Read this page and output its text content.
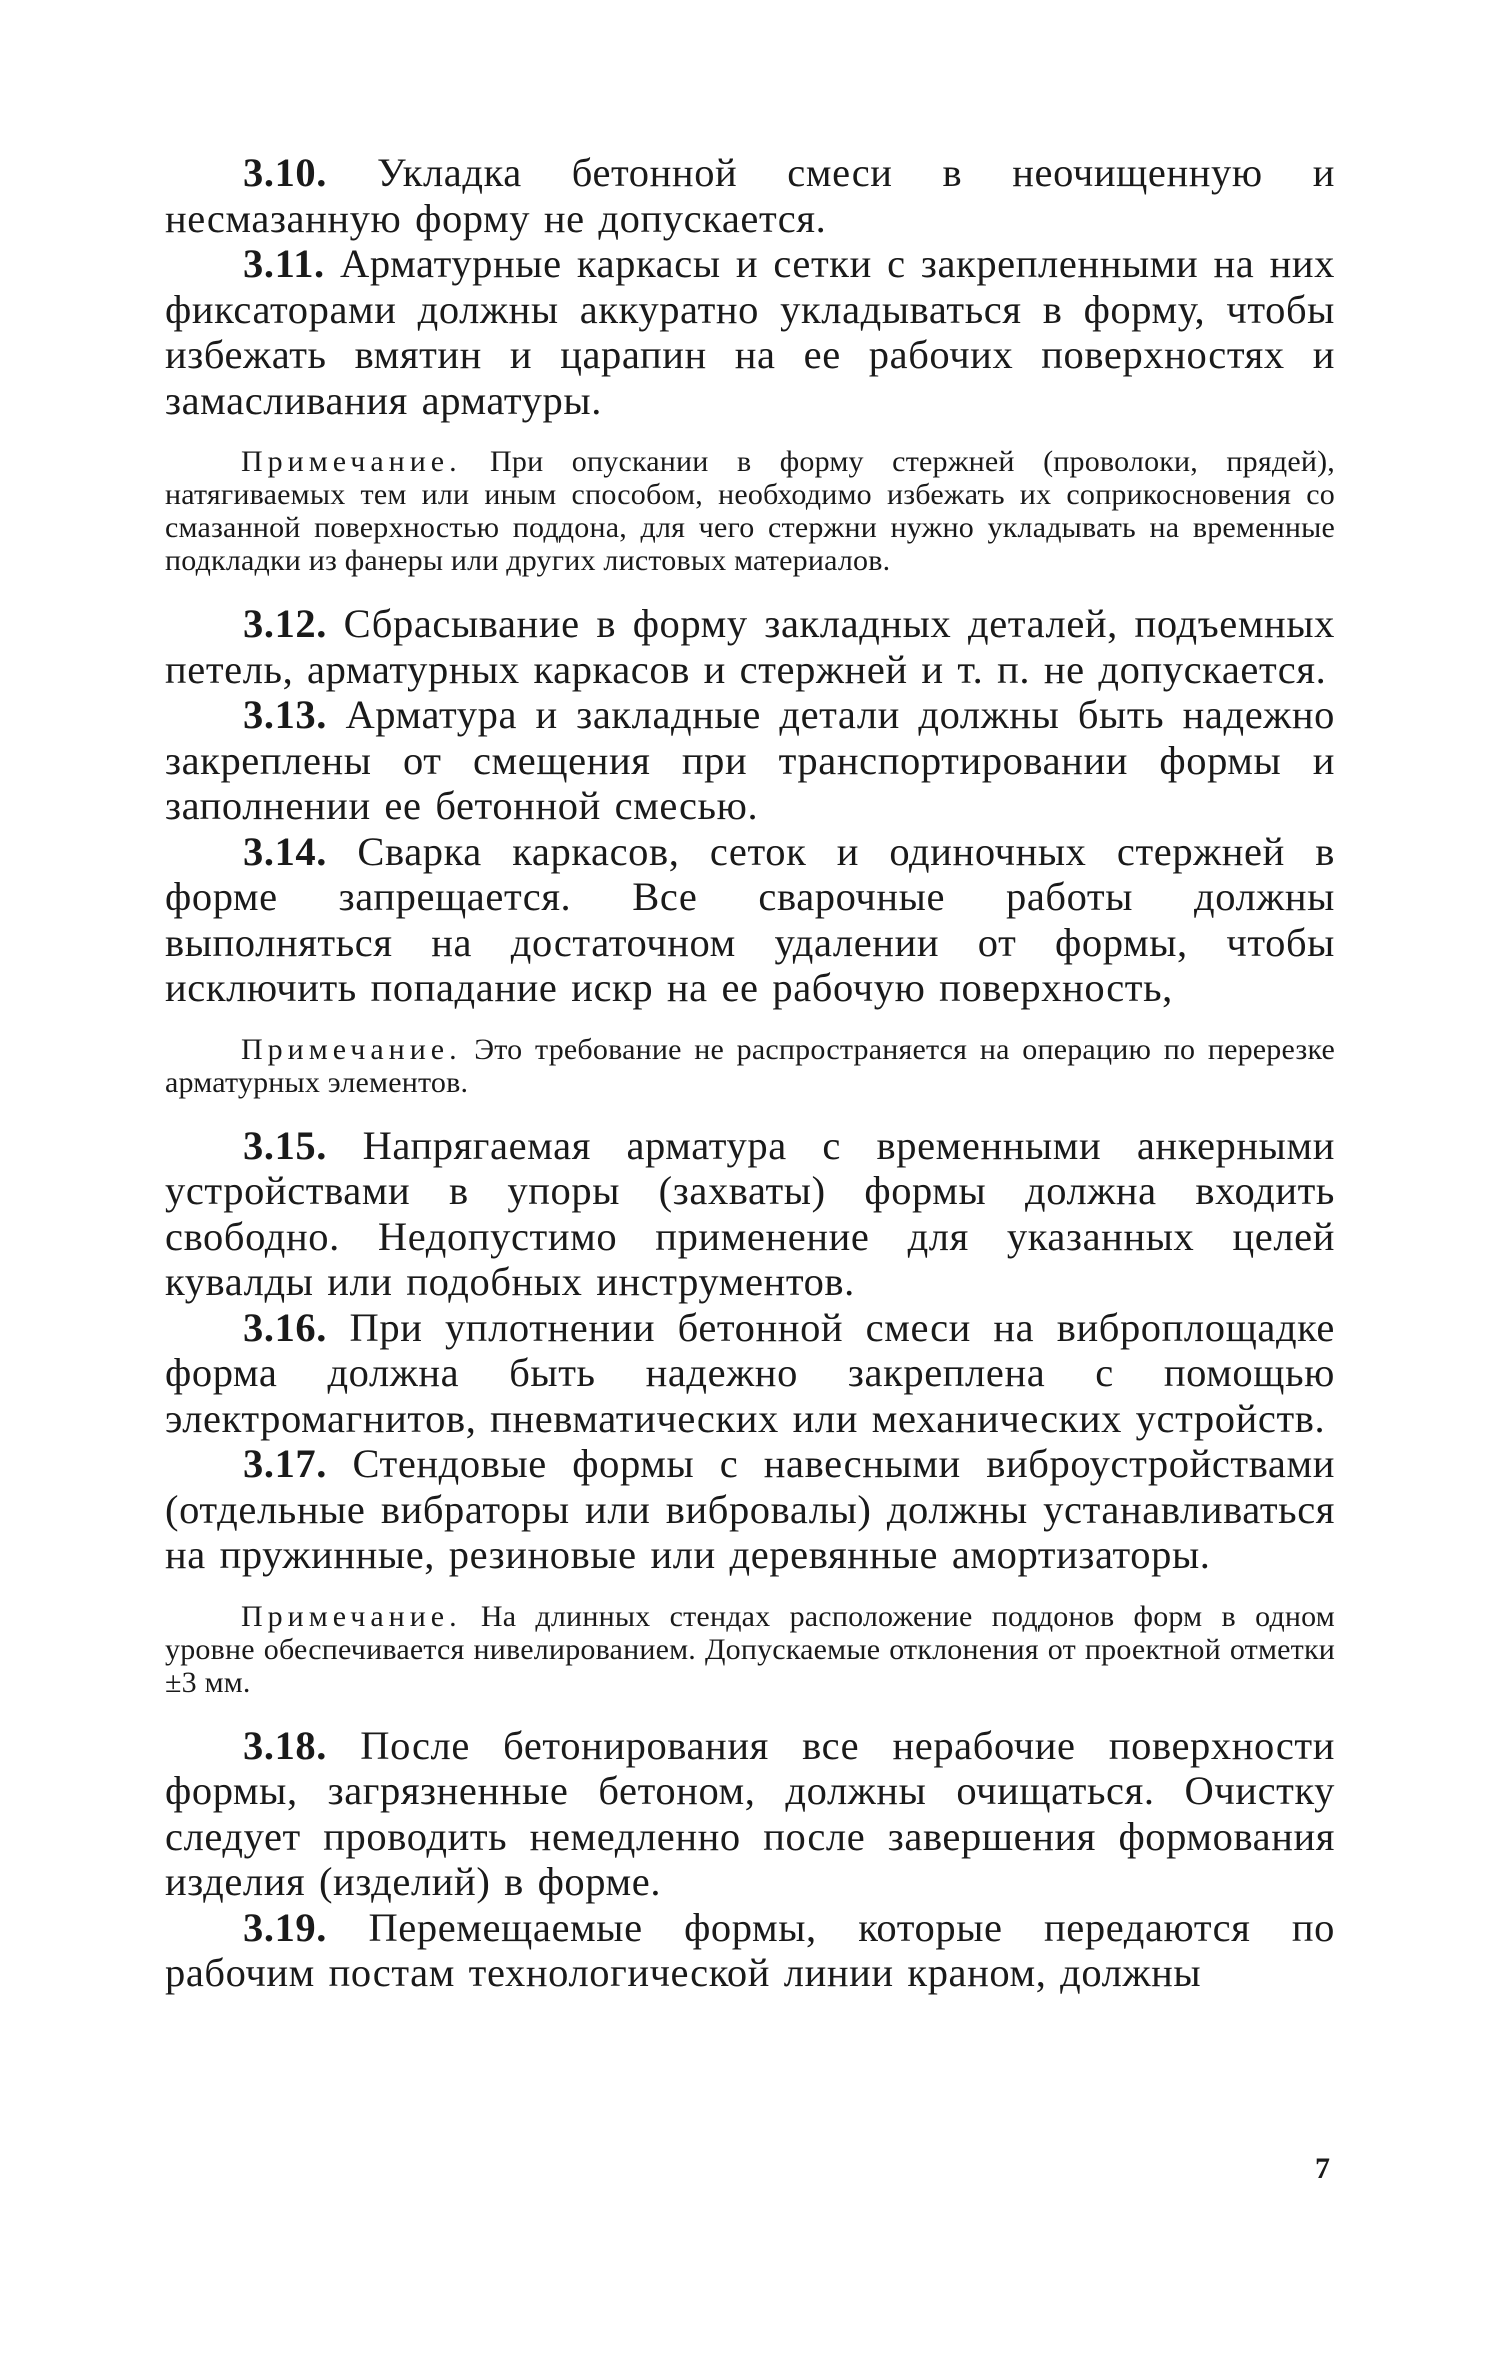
3.10. Укладка бетонной смеси в неочищенную и несмазанную форму не допускается.

3.11. Арматурные каркасы и сетки с закрепленными на них фиксаторами должны аккуратно укладываться в форму, чтобы избежать вмятин и царапин на ее рабочих поверхностях и замасливания арматуры.

Примечание. При опускании в форму стержней (проволоки, прядей), натягиваемых тем или иным способом, необходимо избежать их соприкосновения со смазанной поверхностью поддона, для чего стержни нужно укладывать на временные подкладки из фанеры или других листовых материалов.

3.12. Сбрасывание в форму закладных деталей, подъемных петель, арматурных каркасов и стержней и т. п. не допускается.

3.13. Арматура и закладные детали должны быть надежно закреплены от смещения при транспортировании формы и заполнении ее бетонной смесью.

3.14. Сварка каркасов, сеток и одиночных стержней в форме запрещается. Все сварочные работы должны выполняться на достаточном удалении от формы, чтобы исключить попадание искр на ее рабочую поверхность,

Примечание. Это требование не распространяется на операцию по перерезке арматурных элементов.

3.15. Напрягаемая арматура с временными анкерными устройствами в упоры (захваты) формы должна входить свободно. Недопустимо применение для указанных целей кувалды или подобных инструментов.

3.16. При уплотнении бетонной смеси на виброплощадке форма должна быть надежно закреплена с помощью электромагнитов, пневматических или механических устройств.

3.17. Стендовые формы с навесными виброустройствами (отдельные вибраторы или вибровалы) должны устанавливаться на пружинные, резиновые или деревянные амортизаторы.

Примечание. На длинных стендах расположение поддонов форм в одном уровне обеспечивается нивелированием. Допускаемые отклонения от проектной отметки ±3 мм.

3.18. После бетонирования все нерабочие поверхности формы, загрязненные бетоном, должны очищаться. Очистку следует проводить немедленно после завершения формования изделия (изделий) в форме.

3.19. Перемещаемые формы, которые передаются по рабочим постам технологической линии краном, должны

7
